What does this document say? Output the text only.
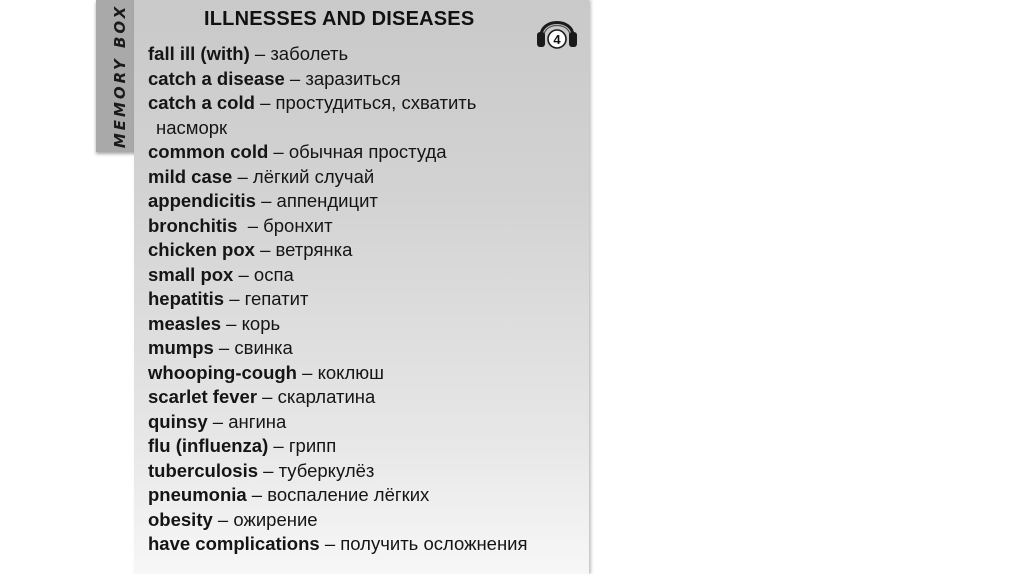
MEMORY BOX	ILLNESSES AND DISEASES
4
fall ill (with) – заболеть
catch a disease – заразиться
catch a cold – простудиться, схватить
насморк
common cold – обычная простуда
mild case – лёгкий случай
appendicitis – аппендицит
bronchitis  – бронхит
chicken pox – ветрянка
small pox – оспа
hepatitis – гепатит
measles – корь
mumps – свинка
whooping-cough – коклюш
scarlet fever – скарлатина
quinsy – ангина
flu (influenza) – грипп
tuberculosis – туберкулёз
pneumonia – воспаление лёгких
obesity – ожирение
have complications – получить осложнения
